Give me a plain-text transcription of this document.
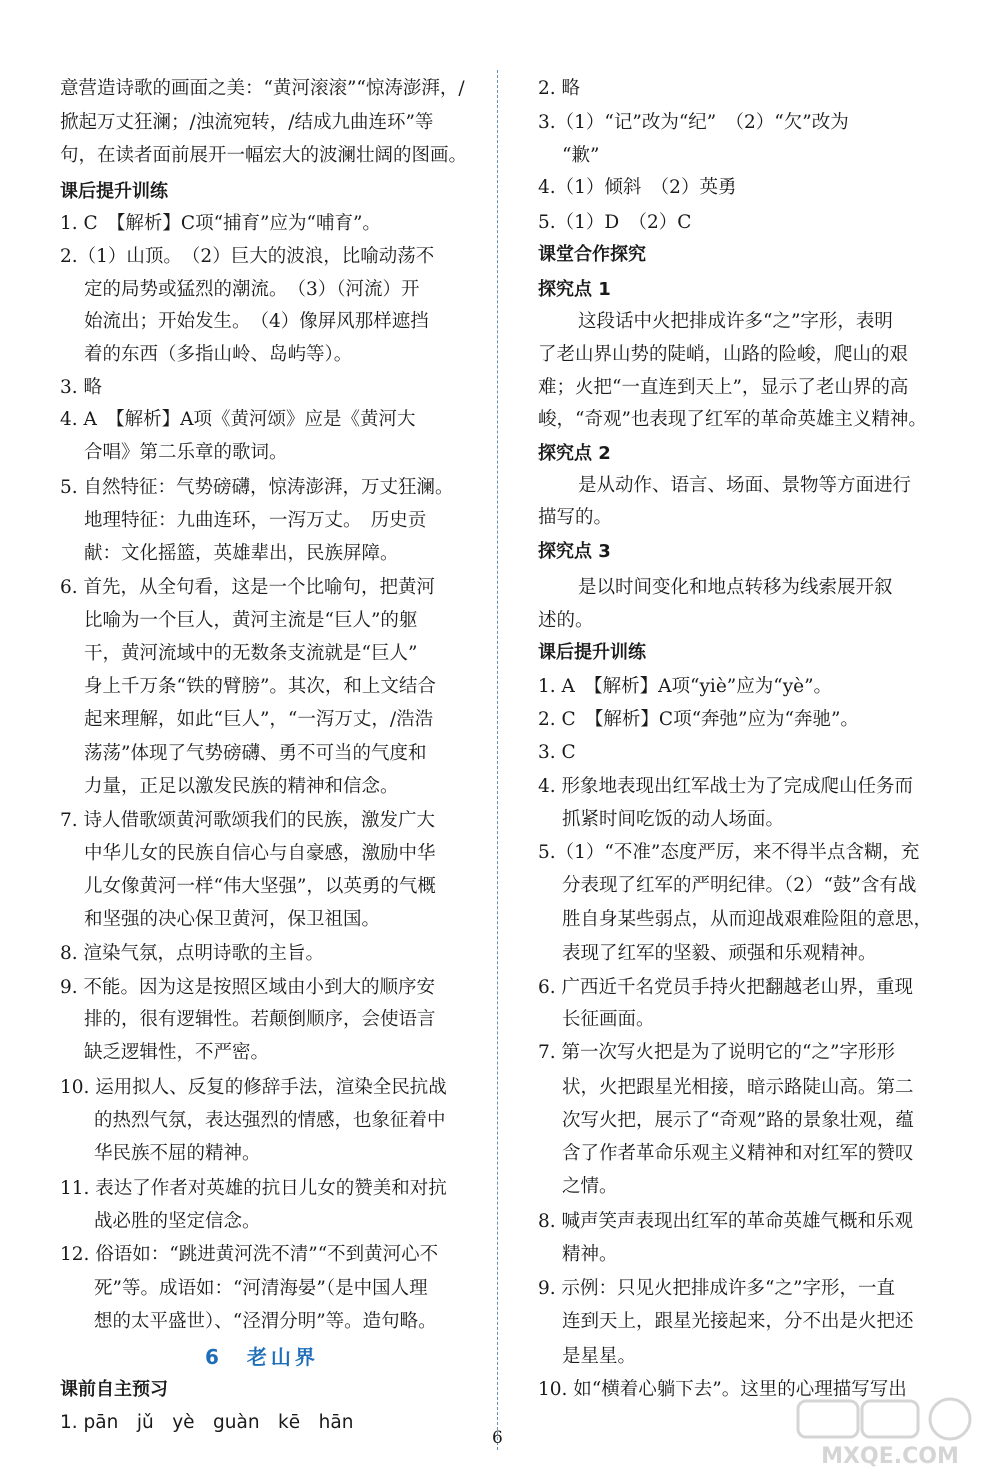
意营造诗歌的画面之美：“黄河滚滚”“惊涛澎湃，/
掀起万丈狂澜；/浊流宛转，/结成九曲连环”等
句，在读者面前展开一幅宏大的波澜壮阔的图画。
课后提升训练
1. C　【解析】C项“捕育”应为“哺育”。
2.（1）山顶。　（2）巨大的波浪，比喻动荡不
定的局势或猛烈的潮流。　（3）（河流）开
始流出；开始发生。　（4）像屏风那样遮挡
着的东西（多指山岭、岛屿等）。
3. 略
4. A　【解析】A项《黄河颂》应是《黄河大
合唱》第二乐章的歌词。
5. 自然特征：气势磅礴，惊涛澎湃，万丈狂澜。
地理特征：九曲连环，一泻万丈。　历史贡
献：文化摇篮，英雄辈出，民族屏障。
6. 首先，从全句看，这是一个比喻句，把黄河
比喻为一个巨人，黄河主流是“巨人”的躯
干，黄河流域中的无数条支流就是“巨人”
身上千万条“铁的臂膀”。其次，和上文结合
起来理解，如此“巨人”，“一泻万丈，/浩浩
荡荡”体现了气势磅礴、勇不可当的气度和
力量，正足以激发民族的精神和信念。
7. 诗人借歌颂黄河歌颂我们的民族，激发广大
中华儿女的民族自信心与自豪感，激励中华
儿女像黄河一样“伟大坚强”，以英勇的气概
和坚强的决心保卫黄河，保卫祖国。
8. 渲染气氛，点明诗歌的主旨。
9. 不能。因为这是按照区域由小到大的顺序安
排的，很有逻辑性。若颠倒顺序，会使语言
缺乏逻辑性，不严密。
10. 运用拟人、反复的修辞手法，渲染全民抗战
的热烈气氛，表达强烈的情感，也象征着中
华民族不屈的精神。
11. 表达了作者对英雄的抗日儿女的赞美和对抗
战必胜的坚定信念。
12. 俗语如：“跳进黄河洗不清”“不到黄河心不
死”等。成语如：“河清海晏”（是中国人理
想的太平盛世）、“泾渭分明”等。造句略。
6　老山界
课前自主预习
1. pān　jǔ　yè　guàn　kē　hān
2. 略
3.（1）“记”改为“纪”　（2）“欠”改为
“歉”
4.（1）倾斜　（2）英勇
5.（1）D　（2）C
课堂合作探究
探究点 1
这段话中火把排成许多“之”字形，表明
了老山界山势的陡峭，山路的险峻，爬山的艰
难；火把“一直连到天上”，显示了老山界的高
峻，“奇观”也表现了红军的革命英雄主义精神。
探究点 2
是从动作、语言、场面、景物等方面进行
描写的。
探究点 3
是以时间变化和地点转移为线索展开叙
述的。
课后提升训练
1. A　【解析】A项“yiè”应为“yè”。
2. C　【解析】C项“奔弛”应为“奔驰”。
3. C
4. 形象地表现出红军战士为了完成爬山任务而
抓紧时间吃饭的动人场面。
5.（1）“不准”态度严厉，来不得半点含糊，充
分表现了红军的严明纪律。（2）“鼓”含有战
胜自身某些弱点，从而迎战艰难险阻的意思，
表现了红军的坚毅、顽强和乐观精神。
6. 广西近千名党员手持火把翻越老山界，重现
长征画面。
7. 第一次写火把是为了说明它的“之”字形形
状，火把跟星光相接，暗示路陡山高。第二
次写火把，展示了“奇观”路的景象壮观，蕴
含了作者革命乐观主义精神和对红军的赞叹
之情。
8. 喊声笑声表现出红军的革命英雄气概和乐观
精神。
9. 示例：只见火把排成许多“之”字形，一直
连到天上，跟星光接起来，分不出是火把还
是星星。
10. 如“横着心躺下去”。这里的心理描写写出
6
MXQE.COM
